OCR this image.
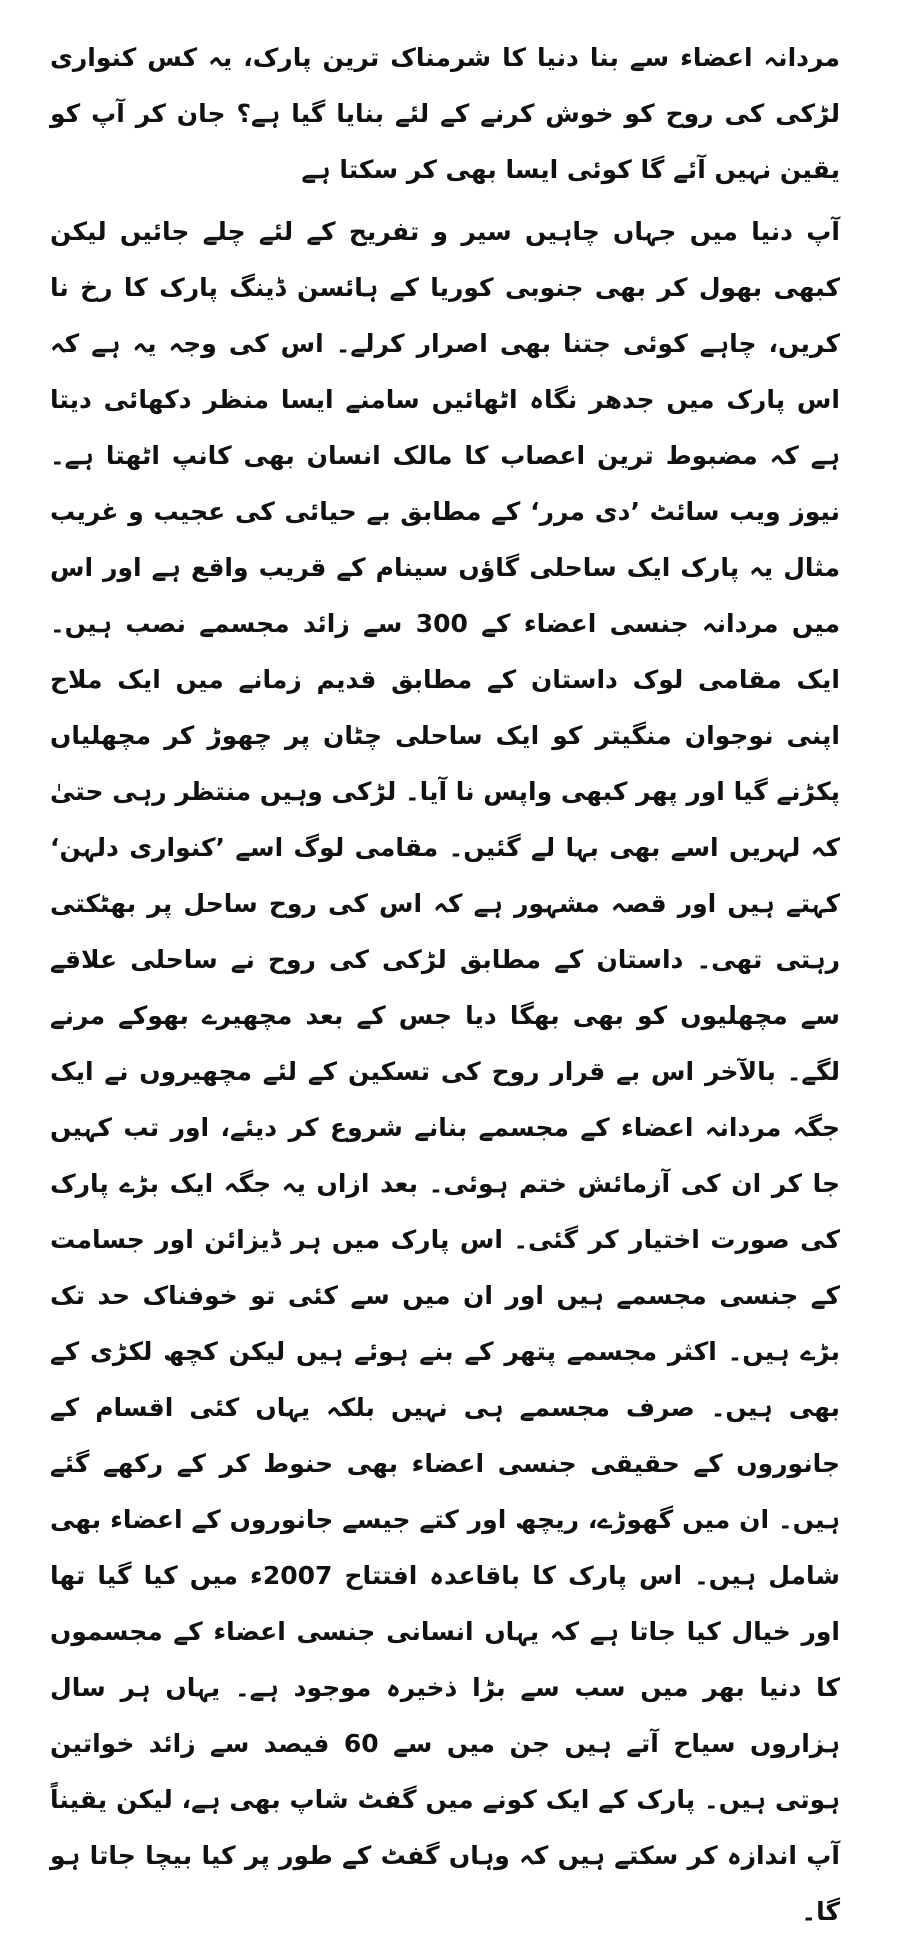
مردانہ اعضاء سے بنا دنیا کا شرمناک ترین پارک، یہ کس کنواری لڑکی کی روح کو خوش کرنے کے لئے بنایا گیا ہے؟ جان کر آپ کو یقین نہیں آئے گا کوئی ایسا بھی کر سکتا ہے

آپ دنیا میں جہاں چاہیں سیر و تفریح کے لئے چلے جائیں لیکن کبھی بھول کر بھی جنوبی کوریا کے ہائسن ڈینگ پارک کا رخ نا کریں، چاہے کوئی جتنا بھی اصرار کرلے۔ اس کی وجہ یہ ہے کہ اس پارک میں جدھر نگاہ اٹھائیں سامنے ایسا منظر دکھائی دیتا ہے کہ مضبوط ترین اعصاب کا مالک انسان بھی کانپ اٹھتا ہے۔ نیوز ویب سائٹ ’دی مرر‘ کے مطابق بے حیائی کی عجیب و غریب مثال یہ پارک ایک ساحلی گاؤں سینام کے قریب واقع ہے اور اس میں مردانہ جنسی اعضاء کے 300 سے زائد مجسمے نصب ہیں۔ ایک مقامی لوک داستان کے مطابق قدیم زمانے میں ایک ملاح اپنی نوجوان منگیتر کو ایک ساحلی چٹان پر چھوڑ کر مچھلیاں پکڑنے گیا اور پھر کبھی واپس نا آیا۔ لڑکی وہیں منتظر رہی حتیٰ کہ لہریں اسے بھی بہا لے گئیں۔ مقامی لوگ اسے ’کنواری دلہن‘ کہتے ہیں اور قصہ مشہور ہے کہ اس کی روح ساحل پر بھٹکتی رہتی تھی۔ داستان کے مطابق لڑکی کی روح نے ساحلی علاقے سے مچھلیوں کو بھی بھگا دیا جس کے بعد مچھیرے بھوکے مرنے لگے۔ بالآخر اس بے قرار روح کی تسکین کے لئے مچھیروں نے ایک جگہ مردانہ اعضاء کے مجسمے بنانے شروع کر دیئے، اور تب کہیں جا کر ان کی آزمائش ختم ہوئی۔ بعد ازاں یہ جگہ ایک بڑے پارک کی صورت اختیار کر گئی۔ اس پارک میں ہر ڈیزائن اور جسامت کے جنسی مجسمے ہیں اور ان میں سے کئی تو خوفناک حد تک بڑے ہیں۔ اکثر مجسمے پتھر کے بنے ہوئے ہیں لیکن کچھ لکڑی کے بھی ہیں۔ صرف مجسمے ہی نہیں بلکہ یہاں کئی اقسام کے جانوروں کے حقیقی جنسی اعضاء بھی حنوط کر کے رکھے گئے ہیں۔ ان میں گھوڑے، ریچھ اور کتے جیسے جانوروں کے اعضاء بھی شامل ہیں۔ اس پارک کا باقاعدہ افتتاح 2007ء میں کیا گیا تھا اور خیال کیا جاتا ہے کہ یہاں انسانی جنسی اعضاء کے مجسموں کا دنیا بھر میں سب سے بڑا ذخیرہ موجود ہے۔ یہاں ہر سال ہزاروں سیاح آتے ہیں جن میں سے 60 فیصد سے زائد خواتین ہوتی ہیں۔ پارک کے ایک کونے میں گفٹ شاپ بھی ہے، لیکن یقیناً آپ اندازہ کر سکتے ہیں کہ وہاں گفٹ کے طور پر کیا بیچا جاتا ہو گا۔
